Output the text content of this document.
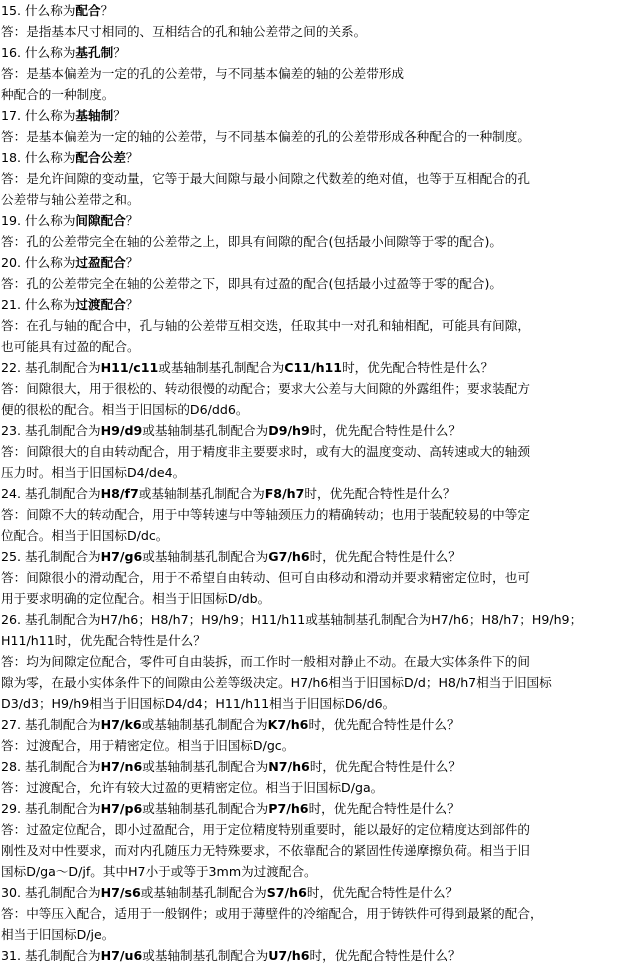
15. 什么称为配合？

答：是指基本尺寸相同的、互相结合的孔和轴公差带之间的关系。

16. 什么称为基孔制？

答：是基本偏差为一定的孔的公差带，与不同基本偏差的轴的公差带形成

种配合的一种制度。

17. 什么称为基轴制？

答：是基本偏差为一定的轴的公差带，与不同基本偏差的孔的公差带形成各种配合的一种制度。

18. 什么称为配合公差？

答：是允许间隙的变动量，它等于最大间隙与最小间隙之代数差的绝对值，也等于互相配合的孔

公差带与轴公差带之和。

19. 什么称为间隙配合？

答：孔的公差带完全在轴的公差带之上，即具有间隙的配合(包括最小间隙等于零的配合)。

20. 什么称为过盈配合？

答：孔的公差带完全在轴的公差带之下，即具有过盈的配合(包括最小过盈等于零的配合)。

21. 什么称为过渡配合？

答：在孔与轴的配合中，孔与轴的公差带互相交迭，任取其中一对孔和轴相配，可能具有间隙，

也可能具有过盈的配合。

22. 基孔制配合为H11/c11或基轴制基孔制配合为C11/h11时，优先配合特性是什么？

答：间隙很大，用于很松的、转动很慢的动配合；要求大公差与大间隙的外露组件；要求装配方

便的很松的配合。相当于旧国标的D6/dd6。

23. 基孔制配合为H9/d9或基轴制基孔制配合为D9/h9时，优先配合特性是什么？

答：间隙很大的自由转动配合，用于精度非主要要求时，或有大的温度变动、高转速或大的轴颈

压力时。相当于旧国标D4/de4。

24. 基孔制配合为H8/f7或基轴制基孔制配合为F8/h7时，优先配合特性是什么？

答：间隙不大的转动配合，用于中等转速与中等轴颈压力的精确转动；也用于装配较易的中等定

位配合。相当于旧国标D/dc。

25. 基孔制配合为H7/g6或基轴制基孔制配合为G7/h6时，优先配合特性是什么？

答：间隙很小的滑动配合，用于不希望自由转动、但可自由移动和滑动并要求精密定位时，也可

用于要求明确的定位配合。相当于旧国标D/db。

26. 基孔制配合为H7/h6；H8/h7；H9/h9；H11/h11或基轴制基孔制配合为H7/h6；H8/h7；H9/h9；H11/h11时，优先配合特性是什么？

答：均为间隙定位配合，零件可自由装拆，而工作时一般相对静止不动。在最大实体条件下的间

隙为零，在最小实体条件下的间隙由公差等级决定。H7/h6相当于旧国标D/d；H8/h7相当于旧国标

D3/d3；H9/h9相当于旧国标D4/d4；H11/h11相当于旧国标D6/d6。

27. 基孔制配合为H7/k6或基轴制基孔制配合为K7/h6时，优先配合特性是什么？

答：过渡配合，用于精密定位。相当于旧国标D/gc。

28. 基孔制配合为H7/n6或基轴制基孔制配合为N7/h6时，优先配合特性是什么？

答：过渡配合，允许有较大过盈的更精密定位。相当于旧国标D/ga。

29. 基孔制配合为H7/p6或基轴制基孔制配合为P7/h6时，优先配合特性是什么？

答：过盈定位配合，即小过盈配合，用于定位精度特别重要时，能以最好的定位精度达到部件的

刚性及对中性要求，而对内孔随压力无特殊要求，不依靠配合的紧固性传递摩擦负荷。相当于旧

国标D/ga～D/jf。其中H7小于或等于3mm为过渡配合。

30. 基孔制配合为H7/s6或基轴制基孔制配合为S7/h6时，优先配合特性是什么？

答：中等压入配合，适用于一般钢件；或用于薄壁件的冷缩配合，用于铸铁件可得到最紧的配合，

相当于旧国标D/je。

31. 基孔制配合为H7/u6或基轴制基孔制配合为U7/h6时，优先配合特性是什么？
